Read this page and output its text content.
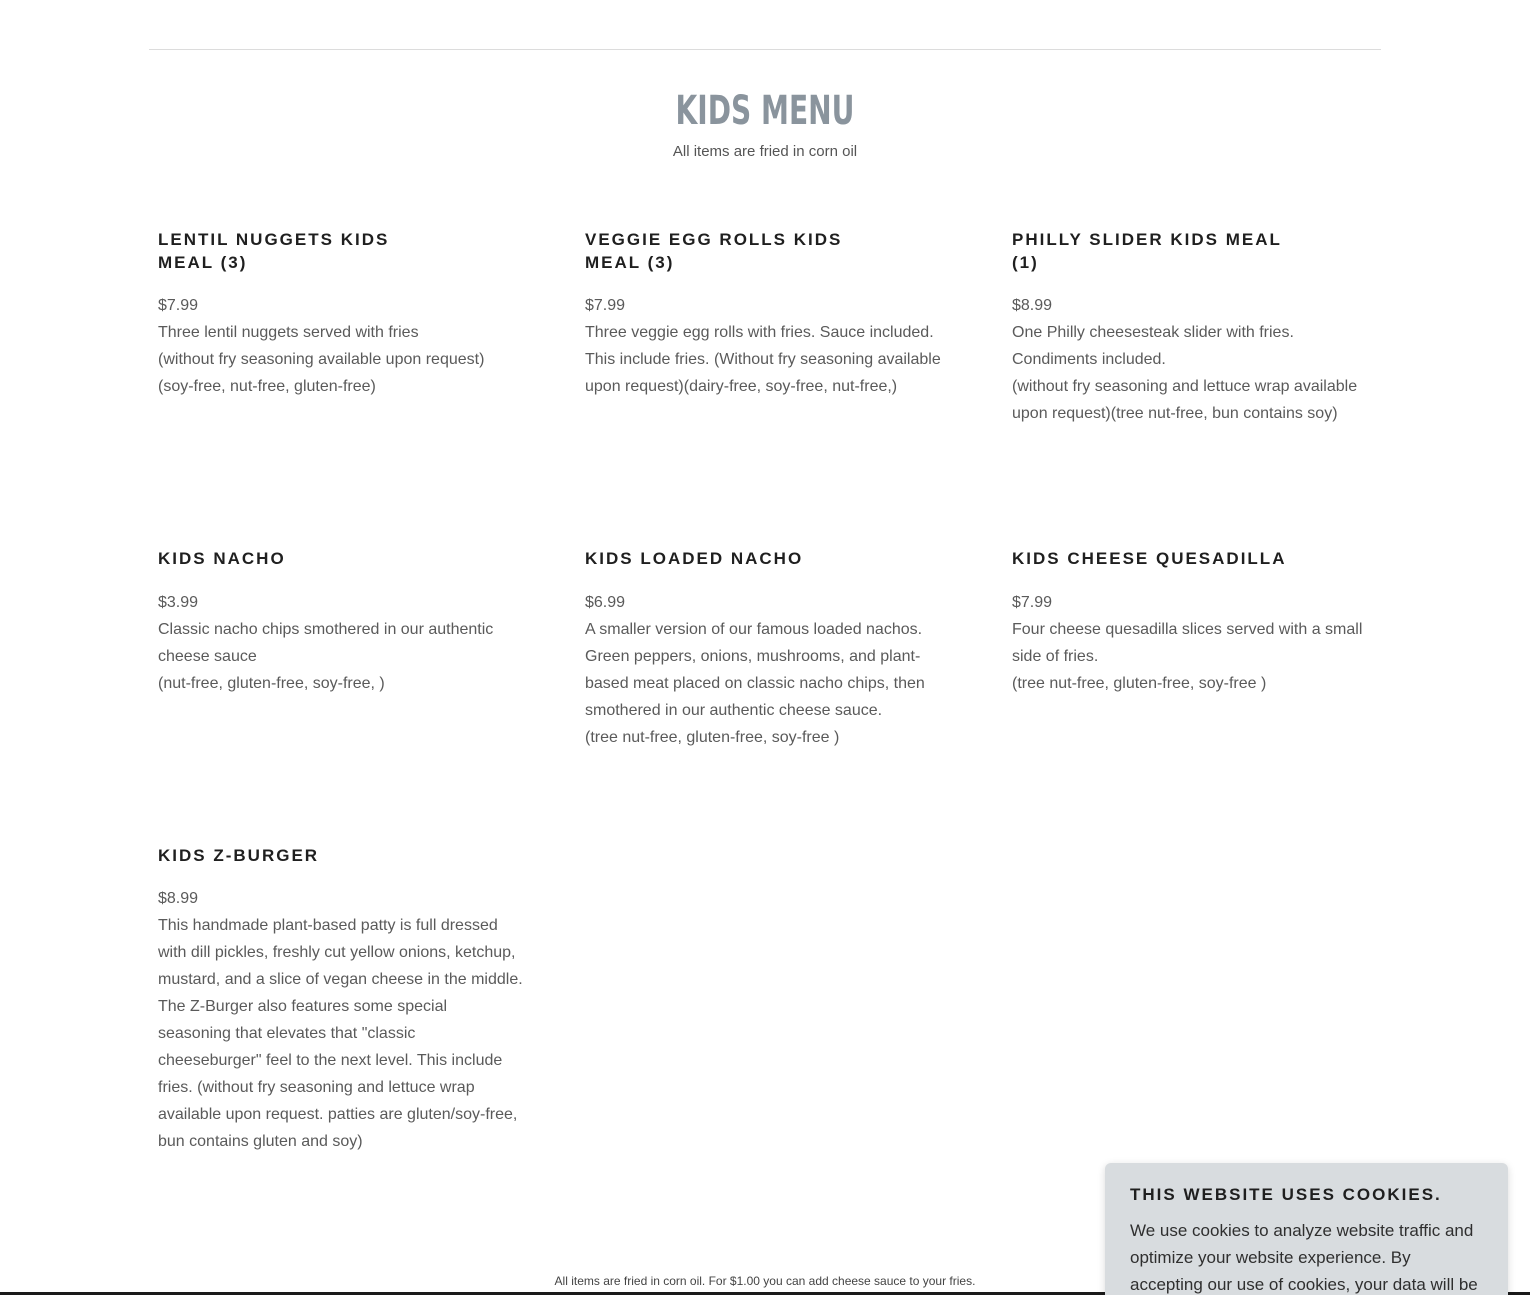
KIDS MENU

All items are fried in corn oil

LENTIL NUGGETS KIDS
MEAL (3)
$7.99

Three lentil nuggets served with fries
(without fry seasoning available upon request)
(soy-free, nut-free, gluten-free)

VEGGIE EGG ROLLS KIDS
MEAL (3)
$7.99

Three veggie egg rolls with fries. Sauce included. This include fries. (Without fry seasoning available upon request)(dairy-free, soy-free, nut-free,)

PHILLY SLIDER KIDS MEAL
(1)
$8.99

One Philly cheesesteak slider with fries. Condiments included.
(without fry seasoning and lettuce wrap available upon request)(tree nut-free, bun contains soy)

KIDS NACHO
$3.99

Classic nacho chips smothered in our authentic cheese sauce
(nut-free, gluten-free, soy-free, )

KIDS LOADED NACHO
$6.99

A smaller version of our famous loaded nachos. Green peppers, onions, mushrooms, and plant-based meat placed on classic nacho chips, then smothered in our authentic cheese sauce.
(tree nut-free, gluten-free, soy-free )

KIDS CHEESE QUESADILLA
$7.99

Four cheese quesadilla slices served with a small side of fries.
(tree nut-free, gluten-free, soy-free )

KIDS Z-BURGER
$8.99

This handmade plant-based patty is full dressed with dill pickles, freshly cut yellow onions, ketchup, mustard, and a slice of vegan cheese in the middle. The Z-Burger also features some special seasoning that elevates that "classic cheeseburger" feel to the next level. This include fries. (without fry seasoning and lettuce wrap available upon request. patties are gluten/soy-free, bun contains gluten and soy)

All items are fried in corn oil. For $1.00 you can add cheese sauce to your fries.

THIS WEBSITE USES COOKIES.

We use cookies to analyze website traffic and optimize your website experience. By accepting our use of cookies, your data will be
